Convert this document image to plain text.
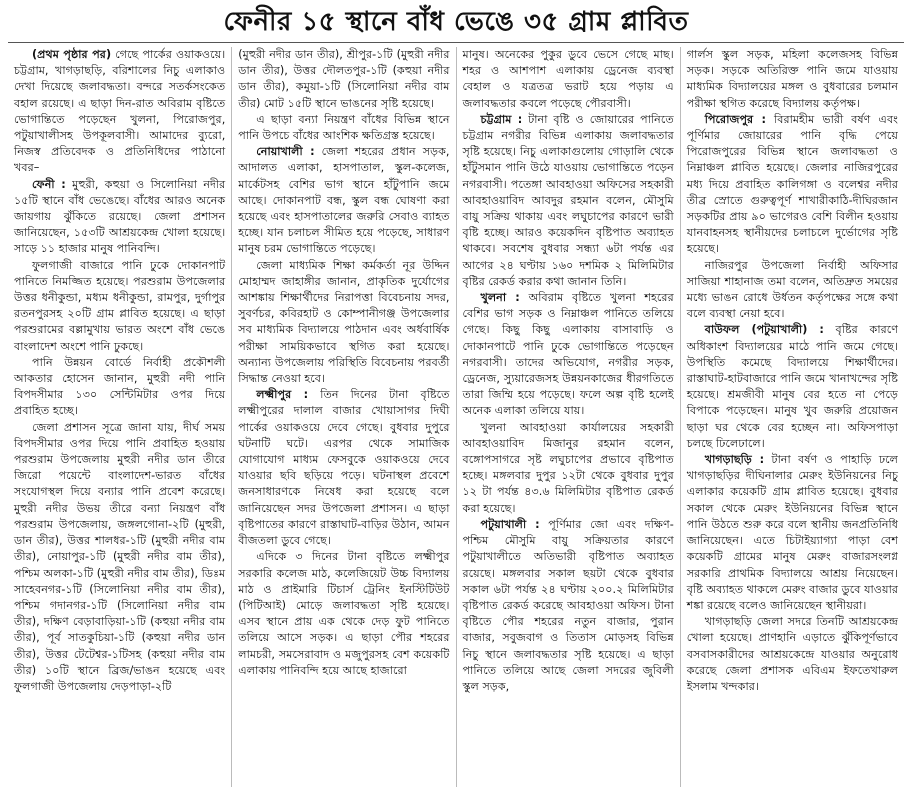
ফেনীর ১৫ স্থানে বাঁধ ভেঙে ৩৫ গ্রাম প্লাবিত

(প্রথম পৃষ্ঠার পর) গেছে পার্কের ওয়াকওয়ে। চট্টগ্রাম, খাগড়াছড়ি, বরিশালের নিচু এলাকাও দেখা দিয়েছে জলাবদ্ধতা। বন্দরে সতর্কসংকেত বহাল রয়েছে। এ ছাড়া দিন-রাত অবিরাম বৃষ্টিতে ভোগান্তিতে পড়েছেন খুলনা, পিরোজপুর, পটুয়াখালীসহ উপকূলবাসী। আমাদের ব্যুরো, নিজস্ব প্রতিবেদক ও প্রতিনিধিদের পাঠানো খবর–

ফেনী : মুহুরী, কহুয়া ও সিলোনিয়া নদীর ১৫টি স্থানে বাঁধ ভেঙেছে। বাঁধের আরও অনেক জায়গায় ঝুঁকিতে রয়েছে। জেলা প্রশাসন জানিয়েছেন, ১৫৩টি আশ্রয়কেন্দ্র খোলা হয়েছে। সাড়ে ১১ হাজার মানুষ পানিবন্দি।

ফুলগাজী বাজারে পানি ঢুকে দোকানপাট পানিতে নিমজ্জিত হয়েছে। পরশুরাম উপজেলার উত্তর ধনীকুন্ডা, মধ্যম ধনীকুন্ডা, রামপুর, দুর্গাপুর রতনপুরসহ ২০টি গ্রাম প্লাবিত হয়েছে। এ ছাড়া পরশুরামের বল্লামুখায় ভারত অংশে বাঁধ ভেঙে বাংলাদেশ অংশে পানি ঢুকছে।

পানি উন্নয়ন বোর্ডে নির্বাহী প্রকৌশলী আকতার হোসেন জানান, মুহুরী নদী পানি বিপদসীমার ১৩০ সেন্টিমিটার ওপর দিয়ে প্রবাহিত হচ্ছে।

জেলা প্রশাসন সূত্রে জানা যায়, দীর্ঘ সময় বিপদসীমার ওপর দিয়ে পানি প্রবাহিত হওয়ায় পরশুরাম উপজেলায় মুহুরী নদীর ডান তীরে জিরো পয়েন্টে বাংলাদেশ-ভারত বাঁধের সংযোগস্থল দিয়ে বন্যার পানি প্রবেশ করেছে। মুহুরী নদীর উভয় তীরে বন্যা নিয়ন্ত্রণ বাঁধ পরশুরাম উপজেলায়, জঙ্গলগোনা-২টি (মুহুরী, ডান তীর), উত্তর শালধর-১টি (মুহুরী নদীর বাম তীর), নোয়াপুর-১টি (মুহুরী নদীর বাম তীর), পশ্চিম অলকা-১টি (মুহুরী নদীর বাম তীর), ডিঃম সাহেবনগর-১টি (সিলোনিয়া নদীর বাম তীর), পশ্চিম গদানগর-১টি (সিলোনিয়া নদীর বাম তীর), দক্ষিণ বেড়াবাড়িয়া-১টি (কহুয়া নদীর বাম তীর), পূর্ব সাতকুচিয়া-১টি (কহুয়া নদীর ডান তীর), উত্তর টেটেশ্বর-১টিসহ (কহুয়া নদীর বাম তীর) ১০টি স্থানে ব্রিজ/ভাঙন হয়েছে এবং ফুলগাজী উপজেলায় দেড়পাড়া-২টি

(মুহুরী নদীর ডান তীর), শ্রীপুর-১টি (মুহুরী নদীর ডান তীর), উত্তর দৌলতপুর-১টি (কহুয়া নদীর ডান তীর), কমুয়া-১টি (সিলোনিয়া নদীর বাম তীর) মোট ১৫টি স্থানে ভাঙনের সৃষ্টি হয়েছে।

এ ছাড়া বন্যা নিয়ন্ত্রণ বাঁধের বিভিন্ন স্থানে পানি উপচে বাঁধের আংশিক ক্ষতিগ্রস্ত হয়েছে।

নোয়াখালী : জেলা শহরের প্রধান সড়ক, আদালত এলাকা, হাসপাতাল, স্কুল-কলেজ, মার্কেটসহ বেশির ভাগ স্থানে হাঁটুপানি জমে আছে। দোকানপাট বন্ধ, স্কুল বন্ধ ঘোষণা করা হয়েছে এবং হাসপাতালের জরুরি সেবাও ব্যাহত হচ্ছে। যান চলাচল সীমিত হয়ে পড়েছে, সাধারণ মানুষ চরম ভোগান্তিতে পড়েছে।

জেলা মাধ্যমিক শিক্ষা কর্মকর্তা নূর উদ্দিন মোহাম্মদ জাহাঙ্গীর জানান, প্রাকৃতিক দুর্যোগের আশঙ্কায় শিক্ষার্থীদের নিরাপত্তা বিবেচনায় সদর, সুবর্ণচর, কবিরহাট ও কোম্পানীগঞ্জ উপজেলার সব মাধ্যমিক বিদ্যালয়ে পাঠদান এবং অর্ধবার্ষিক পরীক্ষা সাময়িকভাবে স্থগিত করা হয়েছে। অন্যান্য উপজেলায় পরিস্থিতি বিবেচনায় পরবর্তী সিদ্ধান্ত নেওয়া হবে।

লক্ষ্মীপুর : তিন দিনের টানা বৃষ্টিতে লক্ষ্মীপুরের দালাল বাজার খোয়াসাগর দিঘী পার্কের ওয়াকওয়ে দেবে গেছে। বুধবার দুপুরে ঘটনাটি ঘটে। এরপর থেকে সামাজিক যোগাযোগ মাধ্যম ফেসবুকে ওয়াকওয়ে দেবে যাওয়ার ছবি ছড়িয়ে পড়ে। ঘটনাস্থল প্রবেশে জনসাধারণকে নিষেধ করা হয়েছে বলে জানিয়েছেন সদর উপজেলা প্রশাসন। এ ছাড়া বৃষ্টিপাতের কারণে রাস্তাঘাট-বাড়ির উঠান, আমন বীজতলা ডুবে গেছে।

এদিকে ৩ দিনের টানা বৃষ্টিতে লক্ষ্মীপুর সরকারি কলেজ মাঠ, কলেজিয়েট উচ্চ বিদ্যালয় মাঠ ও প্রাইমারি টিচার্স ট্রেনিং ইনস্টিটিউট (পিটিআই) মোড়ে জলাবদ্ধতা সৃষ্টি হয়েছে। এসব স্থানে প্রায় এক থেকে দেড় ফুট পানিতে তলিয়ে আসে সড়ক। এ ছাড়া পৌর শহরের লামচরী, সমসেরাবাদ ও মজুপুরসহ বেশ কয়েকটি এলাকায় পানিবন্দি হয়ে আছে হাজারো

মানুষ। অনেকের পুকুর ডুবে ভেসে গেছে মাছ। শহর ও আশপাশ এলাকায় ড্রেনেজ ব্যবস্থা বেহাল ও যত্রতত্র ভরাট হয়ে পড়ায় এ জলাবদ্ধতার কবলে পড়েছে পৌরবাসী।

চট্টগ্রাম : টানা বৃষ্টি ও জোয়ারের পানিতে চট্টগ্রাম নগরীর বিভিন্ন এলাকায় জলাবদ্ধতার সৃষ্টি হয়েছে। নিচু এলাকাগুলোয় গোড়ালি থেকে হাঁটুসমান পানি উঠে যাওয়ায় ভোগান্তিতে পড়েন নগরবাসী। পতেঙ্গা আবহাওয়া অফিসের সহকারী আবহাওয়াবিদ আবদুর রহমান বলেন, মৌসুমি বায়ু সক্রিয় থাকায় এবং লঘুচাপের কারণে ভারী বৃষ্টি হচ্ছে। আরও কয়েকদিন বৃষ্টিপাত অব্যাহত থাকবে। সবশেষ বুধবার সন্ধ্যা ৬টা পর্যন্ত এর আগের ২৪ ঘণ্টায় ১৬০ দশমিক ২ মিলিমিটার বৃষ্টির রেকর্ড করার কথা জানান তিনি।

খুলনা : অবিরাম বৃষ্টিতে খুলনা শহরের বেশির ভাগ সড়ক ও নিম্নাঞ্চল পানিতে তলিয়ে গেছে। কিছু কিছু এলাকায় বাসাবাড়ি ও দোকানপাটে পানি ঢুকে ভোগান্তিতে পড়েছেন নগরবাসী। তাদের অভিযোগ, নগরীর সড়ক, ড্রেনেজ, স্যুয়ারেজসহ উন্নয়নকাজের ধীরগতিতে তারা জিম্মি হয়ে পড়েছে। ফলে অল্প বৃষ্টি হলেই অনেক এলাকা তলিয়ে যায়।

খুলনা আবহাওয়া কার্যালয়ের সহকারী আবহাওয়াবিদ মিজানুর রহমান বলেন, বঙ্গোপসাগরে সৃষ্ট লঘুচাপের প্রভাবে বৃষ্টিপাত হচ্ছে। মঙ্গলবার দুপুর ১২টা থেকে বুধবার দুপুর ১২ টা পর্যন্ত ৪৩.৬ মিলিমিটার বৃষ্টিপাত রেকর্ড করা হয়েছে।

পটুয়াখালী : পূর্ণিমার জো এবং দক্ষিণ-পশ্চিম মৌসুমি বায়ু সক্রিয়তার কারণে পটুয়াখালীতে অতিভারী বৃষ্টিপাত অব্যাহত রয়েছে। মঙ্গলবার সকাল ছয়টা থেকে বুধবার সকাল ৬টা পর্যন্ত ২৪ ঘণ্টায় ২০০.২ মিলিমিটার বৃষ্টিপাত রেকর্ড করেছে আবহাওয়া অফিস। টানা বৃষ্টিতে পৌর শহরের নতুন বাজার, পুরান বাজার, সবুজবাগ ও তিতাস মোড়সহ বিভিন্ন নিচু স্থানে জলাবদ্ধতার সৃষ্টি হয়েছে। এ ছাড়া পানিতে তলিয়ে আছে জেলা সদরের জুবিলী স্কুল সড়ক,

গার্লস স্কুল সড়ক, মহিলা কলেজসহ বিভিন্ন সড়ক। সড়কে অতিরিক্ত পানি জমে যাওয়ায় মাধ্যমিক বিদ্যালয়ের মঙ্গল ও বুধবারের চলমান পরীক্ষা স্থগিত করেছে বিদ্যালয় কর্তৃপক্ষ।

পিরোজপুর : বিরামহীম ভারী বর্ষণ এবং পূর্ণিমার জোয়ারের পানি বৃদ্ধি পেয়ে পিরোজপুরের বিভিন্ন স্থানে জলাবদ্ধতা ও নিম্নাঞ্চল প্লাবিত হয়েছে। জেলার নাজিরপুরের মধ্য দিয়ে প্রবাহিত কালিগঙ্গা ও বলেশ্বর নদীর তীব্র স্রোতে গুরুত্বপূর্ণ শাখারীকাঠি-দীঘিরজান সড়কটির প্রায় ৯০ ভাগেরও বেশি বিলীন হওয়ায় যানবাহনসহ স্থানীয়দের চলাচলে দুর্ভোগের সৃষ্টি হয়েছে।

নাজিরপুর উপজেলা নির্বাহী অফিসার সাজিয়া শাহানাজ তমা বলেন, অতিদ্রুত সময়ের মধ্যে ভাঙন রোধে উর্ধতন কর্তৃপক্ষের সঙ্গে কথা বলে ব্যবস্থা নেয়া হবে।

বাউফল (পটুয়াখালী) : বৃষ্টির কারণে অধিকাংশ বিদ্যালয়ের মাঠে পানি জমে গেছে। উপস্থিতি কমেছে বিদ্যালয়ে শিক্ষার্থীদের। রাস্তাঘাট-হাটবাজারে পানি জমে খানাখন্দের সৃষ্টি হয়েছে। শ্রমজীবী মানুষ বের হতে না পেড়ে বিপাকে পড়েছেন। মানুষ খুব জরুরি প্রয়োজন ছাড়া ঘর থেকে বের হচ্ছেন না। অফিসপাড়া চলছে ঢিলেঢালে।

খাগড়াছড়ি : টানা বর্ষণ ও পাহাড়ি ঢলে খাগড়াছড়ির দীঘিনালার মেরুং ইউনিয়নের নিচু এলাকার কয়েকটি গ্রাম প্লাবিত হয়েছে। বুধবার সকাল থেকে মেরুং ইউনিয়নের বিভিন্ন স্থানে পানি উঠতে শুরু করে বলে স্থানীয় জনপ্রতিনিধি জানিয়েছেন। এতে চিটাইয়্যাগ্যা পাড়া বেশ কয়েকটি গ্রামের মানুষ মেরুং বাজারসংলগ্ন সরকারি প্রাথমিক বিদ্যালয়ে আশ্রয় নিয়েছেন। বৃষ্টি অব্যাহত থাকলে মেরুং বাজার ডুবে যাওয়ার শঙ্কা রয়েছে বলেও জানিয়েছেন স্থানীয়রা।

খাগড়াছড়ি জেলা সদরে তিনটি আশ্রয়কেন্দ্র খোলা হয়েছে। প্রাণহানি এড়াতে ঝুঁকিপূর্ণভাবে বসবাসকারীদের আশ্রয়কেন্দ্রে যাওয়ার অনুরোধ করেছে জেলা প্রশাসক এবিএম ইফতেখারুল ইসলাম খন্দকার।
